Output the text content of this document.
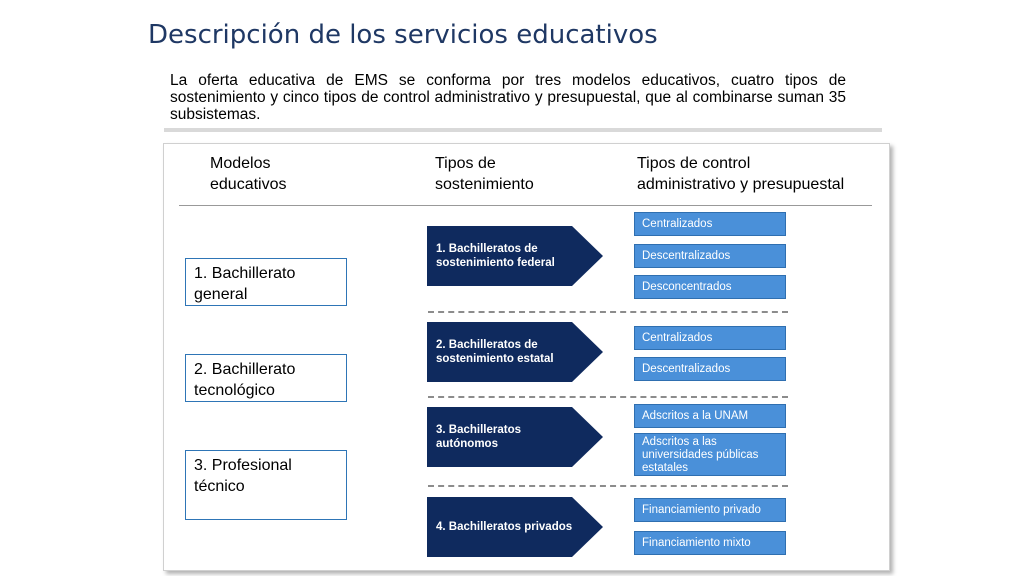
Descripción de los servicios educativos
La oferta educativa de EMS se conforma por tres modelos educativos, cuatro tipos de sostenimiento y cinco tipos de control administrativo y presupuestal, que al combinarse suman 35 subsistemas.
Modelos
educativos
Tipos de
sostenimiento
Tipos de control
administrativo y presupuestal
1. Bachillerato
general
2. Bachillerato
tecnológico
3. Profesional
técnico
1. Bachilleratos de
sostenimiento federal
2. Bachilleratos de
sostenimiento estatal
3. Bachilleratos
autónomos
4. Bachilleratos privados
Centralizados
Descentralizados
Desconcentrados
Centralizados
Descentralizados
Adscritos a la UNAM
Adscritos a las
universidades públicas
estatales
Financiamiento privado
Financiamiento mixto
